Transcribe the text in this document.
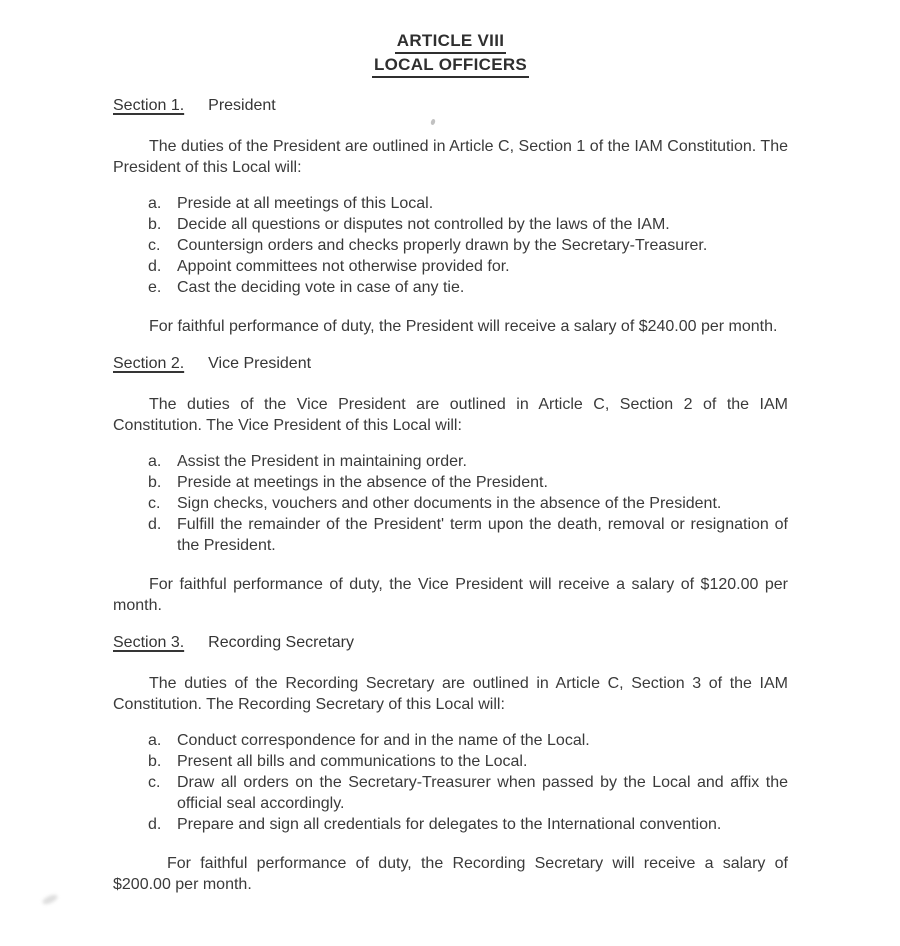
ARTICLE VIII
LOCAL OFFICERS
Section 1. President

The duties of the President are outlined in Article C, Section 1 of the IAM Constitution. The President of this Local will:

a. Preside at all meetings of this Local.
b. Decide all questions or disputes not controlled by the laws of the IAM.
c. Countersign orders and checks properly drawn by the Secretary-Treasurer.
d. Appoint committees not otherwise provided for.
e. Cast the deciding vote in case of any tie.

For faithful performance of duty, the President will receive a salary of $240.00 per month.

Section 2. Vice President

The duties of the Vice President are outlined in Article C, Section 2 of the IAM Constitution. The Vice President of this Local will:

a. Assist the President in maintaining order.
b. Preside at meetings in the absence of the President.
c. Sign checks, vouchers and other documents in the absence of the President.
d. Fulfill the remainder of the President' term upon the death, removal or resignation of the President.

For faithful performance of duty, the Vice President will receive a salary of $120.00 per month.

Section 3. Recording Secretary

The duties of the Recording Secretary are outlined in Article C, Section 3 of the IAM Constitution. The Recording Secretary of this Local will:

a. Conduct correspondence for and in the name of the Local.
b. Present all bills and communications to the Local.
c. Draw all orders on the Secretary-Treasurer when passed by the Local and affix the official seal accordingly.
d. Prepare and sign all credentials for delegates to the International convention.

For faithful performance of duty, the Recording Secretary will receive a salary of $200.00 per month.
